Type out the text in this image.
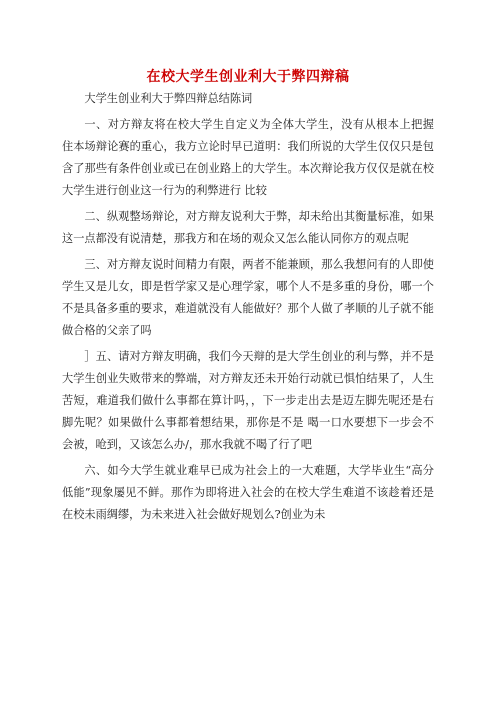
在校大学生创业利大于弊四辩稿

大学生创业利大于弊四辩总结陈词

一、对方辩友将在校大学生自定义为全体大学生，没有从根本上把握 住本场辩论赛的重心，我方立论时早已道明：我们所说的大学生仅仅只是包含了那些有条件创业或已在创业路上的大学生。本次辩论我方仅仅是就在校大学生进行创业这一行为的利弊进行 比较

二、纵观整场辩论，对方辩友说利大于弊，却未给出其衡量标准，如果这一点都没有说清楚，那我方和在场的观众又怎么能认同你方的观点呢

三、对方辩友说时间精力有限，两者不能兼顾，那么我想问有的人即使学生又是儿女，即是哲学家又是心理学家，哪个人不是多重的身份，哪一个不是具备多重的要求，难道就没有人能做好？那个人做了孝顺的儿子就不能做合格的父亲了吗

］五、请对方辩友明确，我们今天辩的是大学生创业的利与弊，并不是大学生创业失败带来的弊端，对方辩友还未开始行动就已惧怕结果了，人生苦短，难道我们做什么事都在算计吗，，下一步走出去是迈左脚先呢还是右脚先呢？如果做什么事都着想结果，那你是不是 喝一口水要想下一步会不会被，呛到，又该怎么办/，那水我就不喝了行了吧

六、如今大学生就业难早已成为社会上的一大难题，大学毕业生“高分低能”现象屡见不鲜。那作为即将进入社会的在校大学生难道不该趁着还是在校未雨绸缪，为未来进入社会做好规划么?创业为未
